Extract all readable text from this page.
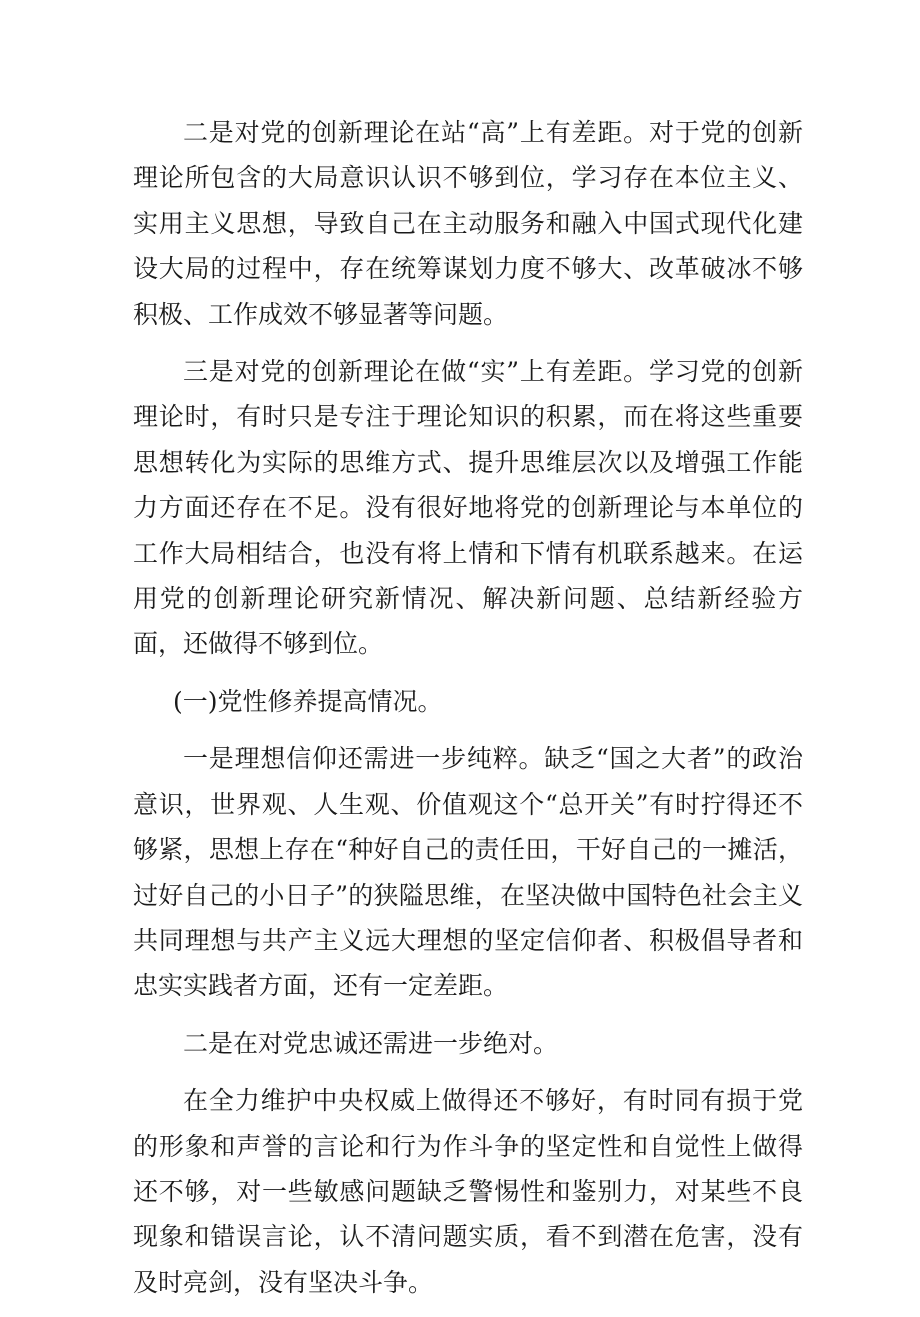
二是对党的创新理论在站“高”上有差距。对于党的创新理论所包含的大局意识认识不够到位，学习存在本位主义、实用主义思想，导致自己在主动服务和融入中国式现代化建设大局的过程中，存在统筹谋划力度不够大、改革破冰不够积极、工作成效不够显著等问题。

三是对党的创新理论在做“实”上有差距。学习党的创新理论时，有时只是专注于理论知识的积累，而在将这些重要思想转化为实际的思维方式、提升思维层次以及增强工作能力方面还存在不足。没有很好地将党的创新理论与本单位的工作大局相结合，也没有将上情和下情有机联系越来。在运用党的创新理论研究新情况、解决新问题、总结新经验方面，还做得不够到位。

(一)党性修养提高情况。

一是理想信仰还需进一步纯粹。缺乏“国之大者”的政治意识，世界观、人生观、价值观这个“总开关”有时拧得还不够紧，思想上存在“种好自己的责任田，干好自己的一摊活，过好自己的小日子”的狭隘思维，在坚决做中国特色社会主义共同理想与共产主义远大理想的坚定信仰者、积极倡导者和忠实实践者方面，还有一定差距。

二是在对党忠诚还需进一步绝对。

在全力维护中央权威上做得还不够好，有时同有损于党的形象和声誉的言论和行为作斗争的坚定性和自觉性上做得还不够，对一些敏感问题缺乏警惕性和鉴别力，对某些不良现象和错误言论，认不清问题实质，看不到潜在危害，没有及时亮剑，没有坚决斗争。
